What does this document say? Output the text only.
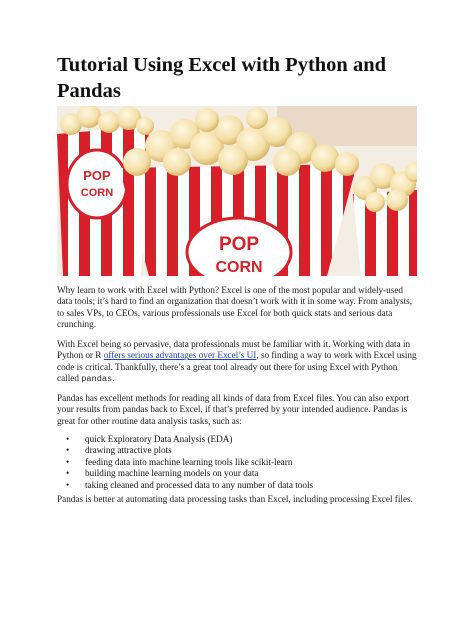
Tutorial Using Excel with Python and Pandas
POP
CORN
POP
CORN

Why learn to work with Excel with Python? Excel is one of the most popular and widely-used data tools; it’s hard to find an organization that doesn’t work with it in some way. From analysts, to sales VPs, to CEOs, various professionals use Excel for both quick stats and serious data crunching.

With Excel being so pervasive, data professionals must be familiar with it. Working with data in Python or R offers serious advantages over Excel’s UI, so finding a way to work with Excel using code is critical. Thankfully, there’s a great tool already out there for using Excel with Python called pandas.

Pandas has excellent methods for reading all kinds of data from Excel files. You can also export your results from pandas back to Excel, if that’s preferred by your intended audience. Pandas is great for other routine data analysis tasks, such as:

• quick Exploratory Data Analysis (EDA)
• drawing attractive plots
• feeding data into machine learning tools like scikit-learn
• building machine learning models on your data
• taking cleaned and processed data to any number of data tools

Pandas is better at automating data processing tasks than Excel, including processing Excel files.
